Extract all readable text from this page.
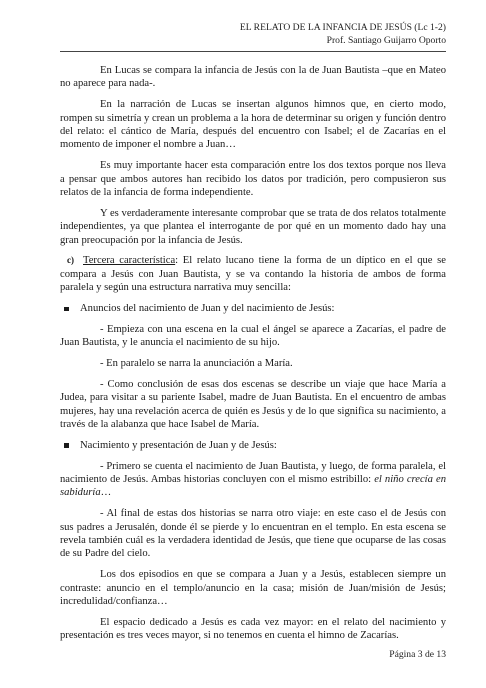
EL RELATO DE LA INFANCIA DE JESÚS (Lc 1-2)
Prof. Santiago Guijarro Oporto

En Lucas se compara la infancia de Jesús con la de Juan Bautista –que en Mateo no aparece para nada-.

En la narración de Lucas se insertan algunos himnos que, en cierto modo, rompen su simetría y crean un problema a la hora de determinar su origen y función dentro del relato: el cántico de María, después del encuentro con Isabel; el de Zacarías en el momento de imponer el nombre a Juan…

Es muy importante hacer esta comparación entre los dos textos porque nos lleva a pensar que ambos autores han recibido los datos por tradición, pero compusieron sus relatos de la infancia de forma independiente.

Y es verdaderamente interesante comprobar que se trata de dos relatos totalmente independientes, ya que plantea el interrogante de por qué en un momento dado hay una gran preocupación por la infancia de Jesús.

c) Tercera característica: El relato lucano tiene la forma de un díptico en el que se compara a Jesús con Juan Bautista, y se va contando la historia de ambos de forma paralela y según una estructura narrativa muy sencilla:

Anuncios del nacimiento de Juan y del nacimiento de Jesús:

- Empieza con una escena en la cual el ángel se aparece a Zacarías, el padre de Juan Bautista, y le anuncia el nacimiento de su hijo.

- En paralelo se narra la anunciación a María.

- Como conclusión de esas dos escenas se describe un viaje que hace María a Judea, para visitar a su pariente Isabel, madre de Juan Bautista. En el encuentro de ambas mujeres, hay una revelación acerca de quién es Jesús y de lo que significa su nacimiento, a través de la alabanza que hace Isabel de María.

Nacimiento y presentación de Juan y de Jesús:

- Primero se cuenta el nacimiento de Juan Bautista, y luego, de forma paralela, el nacimiento de Jesús. Ambas historias concluyen con el mismo estribillo: el niño crecía en sabiduría…

- Al final de estas dos historias se narra otro viaje: en este caso el de Jesús con sus padres a Jerusalén, donde él se pierde y lo encuentran en el templo. En esta escena se revela también cuál es la verdadera identidad de Jesús, que tiene que ocuparse de las cosas de su Padre del cielo.

Los dos episodios en que se compara a Juan y a Jesús, establecen siempre un contraste: anuncio en el templo/anuncio en la casa; misión de Juan/misión de Jesús; incredulidad/confianza…

El espacio dedicado a Jesús es cada vez mayor: en el relato del nacimiento y presentación es tres veces mayor, si no tenemos en cuenta el himno de Zacarías.

Página 3 de 13
